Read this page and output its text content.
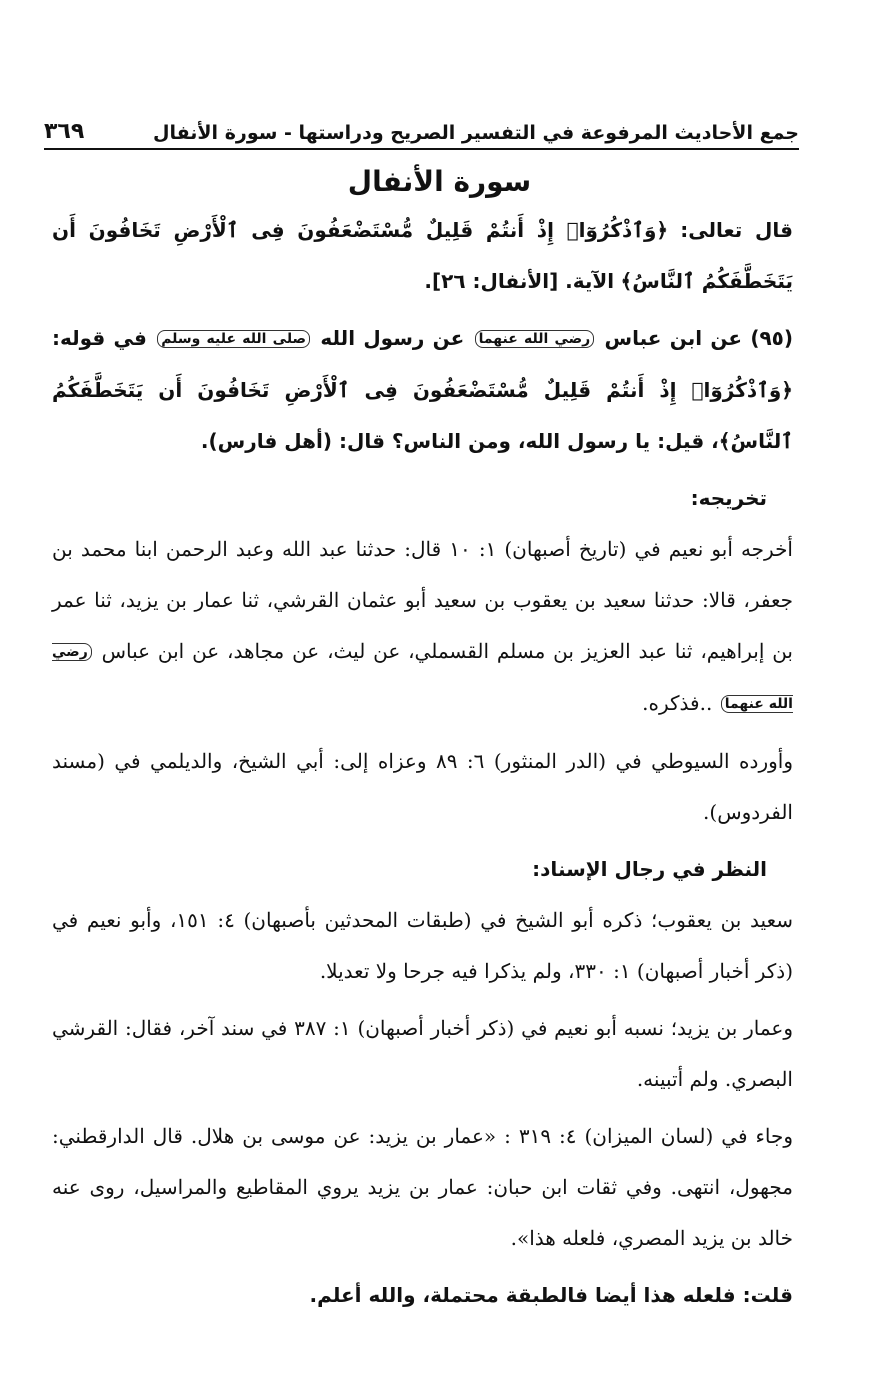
جمع الأحاديث المرفوعة في التفسير الصريح ودراستها - سورة الأنفال
٣٦٩
سورة الأنفال

قال تعالى: ﴿وَٱذْكُرُوٓا۟ إِذْ أَنتُمْ قَلِيلٌ مُّسْتَضْعَفُونَ فِى ٱلْأَرْضِ تَخَافُونَ أَن يَتَخَطَّفَكُمُ ٱلنَّاسُ﴾ الآية. [الأنفال: ٢٦].

(٩٥) عن ابن عباس رضي الله عنهما عن رسول الله صلى الله عليه وسلم في قوله: ﴿وَٱذْكُرُوٓا۟ إِذْ أَنتُمْ قَلِيلٌ مُّسْتَضْعَفُونَ فِى ٱلْأَرْضِ تَخَافُونَ أَن يَتَخَطَّفَكُمُ ٱلنَّاسُ﴾، قيل: يا رسول الله، ومن الناس؟ قال: (أهل فارس).

تخريجه:

أخرجه أبو نعيم في (تاريخ أصبهان) ١: ١٠ قال: حدثنا عبد الله وعبد الرحمن ابنا محمد بن جعفر، قالا: حدثنا سعيد بن يعقوب بن سعيد أبو عثمان القرشي، ثنا عمار بن يزيد، ثنا عمر بن إبراهيم، ثنا عبد العزيز بن مسلم القسملي، عن ليث، عن مجاهد، عن ابن عباس رضي الله عنهما ..فذكره.

وأورده السيوطي في (الدر المنثور) ٦: ٨٩ وعزاه إلى: أبي الشيخ، والديلمي في (مسند الفردوس).

النظر في رجال الإسناد:

سعيد بن يعقوب؛ ذكره أبو الشيخ في (طبقات المحدثين بأصبهان) ٤: ١٥١، وأبو نعيم في (ذكر أخبار أصبهان) ١: ٣٣٠، ولم يذكرا فيه جرحا ولا تعديلا.

وعمار بن يزيد؛ نسبه أبو نعيم في (ذكر أخبار أصبهان) ١: ٣٨٧ في سند آخر، فقال: القرشي البصري. ولم أتبينه.

وجاء في (لسان الميزان) ٤: ٣١٩ : «عمار بن يزيد: عن موسى بن هلال. قال الدارقطني: مجهول، انتهى. وفي ثقات ابن حبان: عمار بن يزيد يروي المقاطيع والمراسيل، روى عنه خالد بن يزيد المصري، فلعله هذا».

قلت: فلعله هذا أيضا فالطبقة محتملة، والله أعلم.
